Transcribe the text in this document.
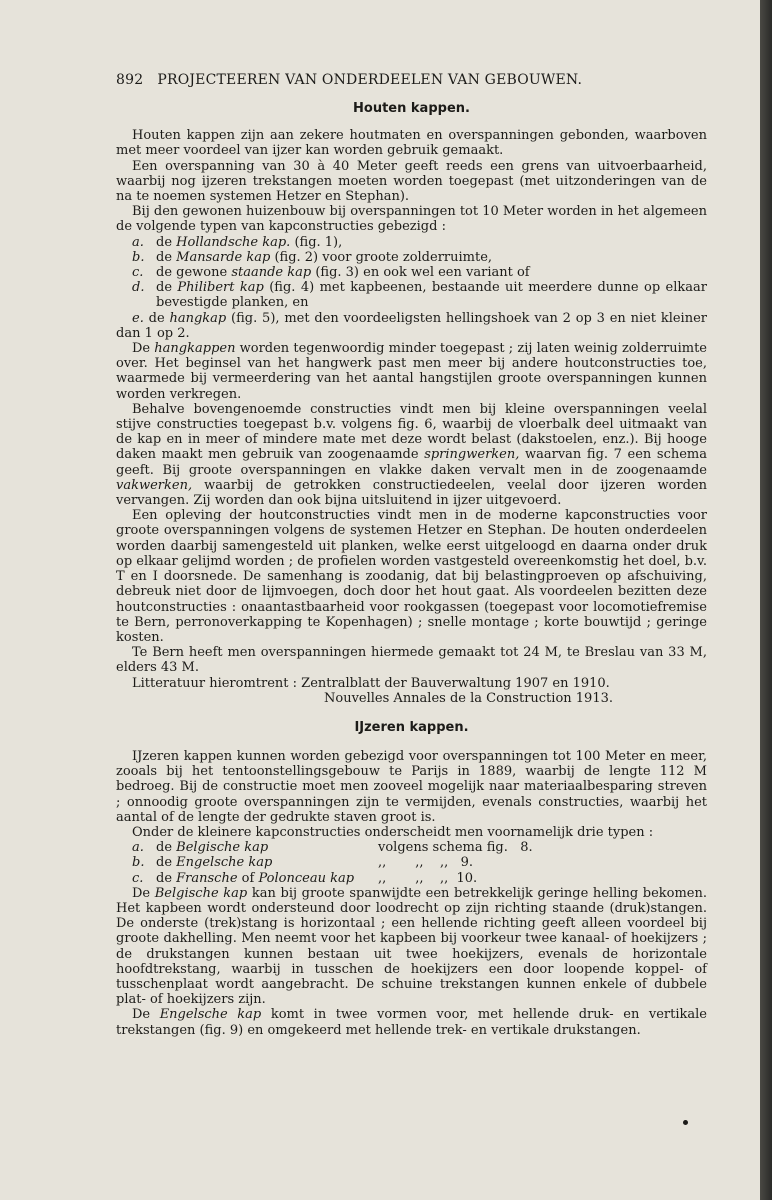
892 PROJECTEEREN VAN ONDERDEELEN VAN GEBOUWEN.
Houten kappen.

Houten kappen zijn aan zekere houtmaten en overspanningen gebonden, waarboven met meer voordeel van ijzer kan worden gebruik gemaakt.

Een overspanning van 30 à 40 Meter geeft reeds een grens van uitvoerbaarheid, waarbij nog ijzeren trekstangen moeten worden toegepast (met uitzonderingen van de na te noemen systemen Hetzer en Stephan).

Bij den gewonen huizenbouw bij overspanningen tot 10 Meter worden in het algemeen de volgende typen van kapconstructies gebezigd :

a. de Hollandsche kap. (fig. 1),
b. de Mansarde kap (fig. 2) voor groote zolderruimte,
c. de gewone staande kap (fig. 3) en ook wel een variant of
d. de Philibert kap (fig. 4) met kapbeenen, bestaande uit meerdere dunne op elkaar bevestigde planken, en

e. de hangkap (fig. 5), met den voordeeligsten hellingshoek van 2 op 3 en niet kleiner dan 1 op 2.

De hangkappen worden tegenwoordig minder toegepast ; zij laten weinig zolderruimte over. Het beginsel van het hangwerk past men meer bij andere houtconstructies toe, waarmede bij vermeerdering van het aantal hangstijlen groote overspanningen kunnen worden verkregen.

Behalve bovengenoemde constructies vindt men bij kleine overspanningen veelal stijve constructies toegepast b.v. volgens fig. 6, waarbij de vloerbalk deel uitmaakt van de kap en in meer of mindere mate met deze wordt belast (dakstoelen, enz.). Bij hooge daken maakt men gebruik van zoogenaamde springwerken, waarvan fig. 7 een schema geeft. Bij groote overspanningen en vlakke daken vervalt men in de zoogenaamde vakwerken, waarbij de getrokken constructiedeelen, veelal door ijzeren worden vervangen. Zij worden dan ook bijna uitsluitend in ijzer uitgevoerd.

Een opleving der houtconstructies vindt men in de moderne kapconstructies voor groote overspanningen volgens de systemen Hetzer en Stephan. De houten onderdeelen worden daarbij samengesteld uit planken, welke eerst uitgeloogd en daarna onder druk op elkaar gelijmd worden ; de profielen worden vastgesteld overeenkomstig het doel, b.v. T en I doorsnede. De samenhang is zoodanig, dat bij belastingproeven op afschuiving, debreuk niet door de lijmvoegen, doch door het hout gaat. Als voordeelen bezitten deze houtconstructies : onaantastbaarheid voor rookgassen (toegepast voor locomotiefremise te Bern, perronoverkapping te Kopenhagen) ; snelle montage ; korte bouwtijd ; geringe kosten.

Te Bern heeft men overspanningen hiermede gemaakt tot 24 M, te Breslau van 33 M, elders 43 M.

Litteratuur hieromtrent : Zentralblatt der Bauverwaltung 1907 en 1910.

Nouvelles Annales de la Construction 1913.
IJzeren kappen.

IJzeren kappen kunnen worden gebezigd voor overspanningen tot 100 Meter en meer, zooals bij het tentoonstellingsgebouw te Parijs in 1889, waarbij de lengte 112 M bedroeg. Bij de constructie moet men zooveel mogelijk naar materiaalbesparing streven ; onnoodig groote overspanningen zijn te vermijden, evenals constructies, waarbij het aantal of de lengte der gedrukte staven groot is.

Onder de kleinere kapconstructies onderscheidt men voornamelijk drie typen :

a. de Belgische kap	volgens schema fig.   8.
b. de Engelsche kap	,,       ,,    ,,   9.
c. de Fransche of Polonceau kap	,,       ,,    ,,  10.

De Belgische kap kan bij groote spanwijdte een betrekkelijk geringe helling bekomen. Het kapbeen wordt ondersteund door loodrecht op zijn richting staande (druk)stangen. De onderste (trek)stang is horizontaal ; een hellende richting geeft alleen voordeel bij groote dakhelling. Men neemt voor het kapbeen bij voorkeur twee kanaal- of hoekijzers ; de drukstangen kunnen bestaan uit twee hoekijzers, evenals de horizontale hoofdtrekstang, waarbij in tusschen de hoekijzers een door loopende koppel- of tusschenplaat wordt aangebracht. De schuine trekstangen kunnen enkele of dubbele plat- of hoekijzers zijn.

De Engelsche kap komt in twee vormen voor, met hellende druk- en vertikale trekstangen (fig. 9) en omgekeerd met hellende trek- en vertikale drukstangen.
